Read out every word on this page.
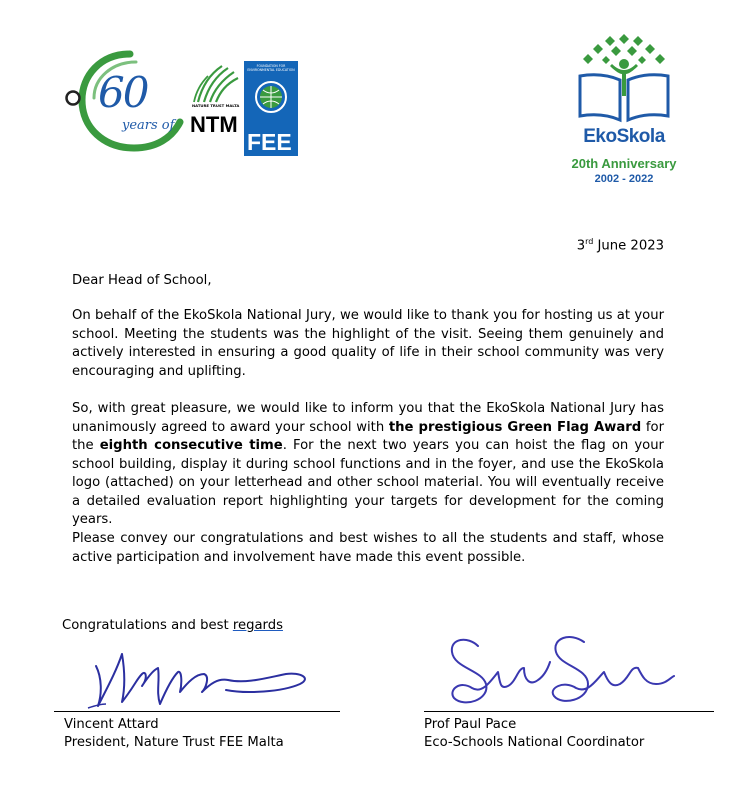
60
years of
NATURE TRUST MALTA
NTM
FOUNDATION FOR ENVIRONMENTAL EDUCATION
FEE	EkoSkola
20th Anniversary
2002 - 2022
3rd June 2023
Dear Head of School,
On behalf of the EkoSkola National Jury, we would like to thank you for hosting us at your school. Meeting the students was the highlight of the visit. Seeing them genuinely and actively interested in ensuring a good quality of life in their school community was very encouraging and uplifting.
So, with great pleasure, we would like to inform you that the EkoSkola National Jury has unanimously agreed to award your school with the prestigious Green Flag Award for the eighth consecutive time. For the next two years you can hoist the flag on your school building, display it during school functions and in the foyer, and use the EkoSkola logo (attached) on your letterhead and other school material. You will eventually receive a detailed evaluation report highlighting your targets for development for the coming years.
Please convey our congratulations and best wishes to all the students and staff, whose active participation and involvement have made this event possible.
Congratulations and best regards
Vincent Attard
President, Nature Trust FEE Malta
Prof Paul Pace
Eco-Schools National Coordinator
